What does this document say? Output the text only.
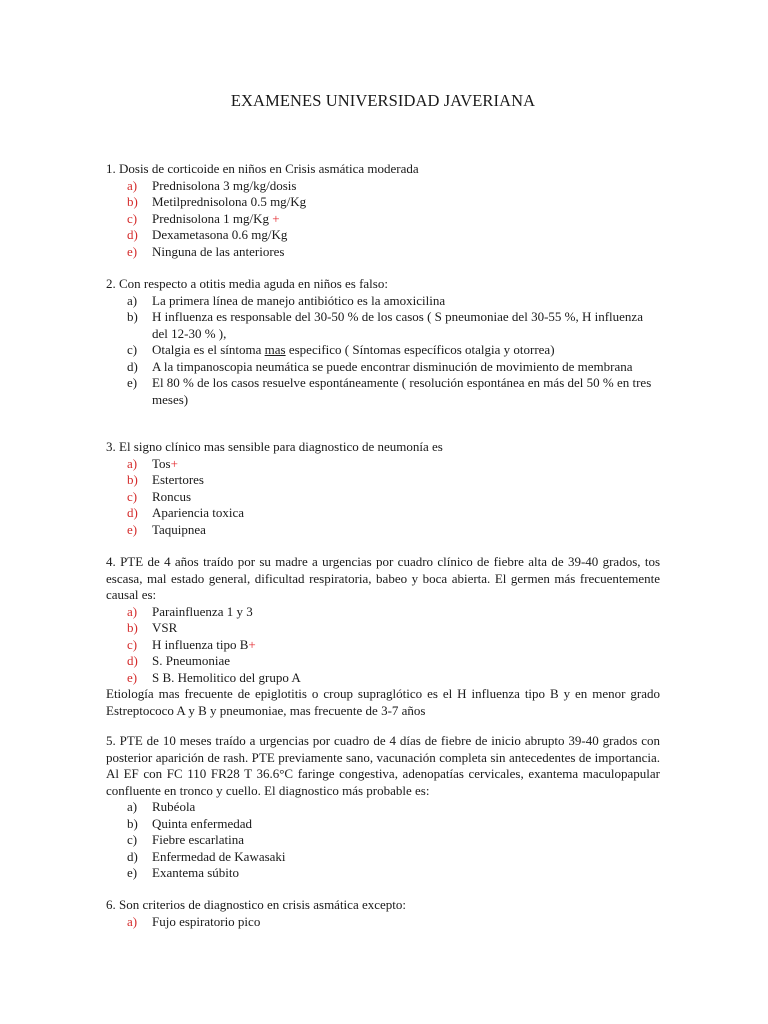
EXAMENES UNIVERSIDAD JAVERIANA
1. Dosis de corticoide en niños en Crisis asmática moderada
a) Prednisolona 3 mg/kg/dosis
b) Metilprednisolona 0.5 mg/Kg
c) Prednisolona 1 mg/Kg +
d) Dexametasona 0.6 mg/Kg
e) Ninguna de las anteriores
2. Con respecto a otitis media aguda en niños es falso:
a) La primera línea de manejo antibiótico es la amoxicilina
b) H influenza es responsable del 30-50 % de los casos ( S pneumoniae del 30-55 %, H influenza del 12-30 % ),
c) Otalgia es el síntoma mas especifico ( Síntomas específicos otalgia y otorrea)
d) A la timpanoscopia neumática se puede encontrar disminución de movimiento de membrana
e) El 80 % de los casos resuelve espontáneamente ( resolución espontánea en más del 50 % en tres meses)
3. El signo clínico mas sensible para diagnostico de neumonía es
a) Tos+
b) Estertores
c) Roncus
d) Apariencia toxica
e) Taquipnea
4. PTE de 4 años traído por su madre a urgencias por cuadro clínico de fiebre alta de 39-40 grados, tos escasa, mal estado general, dificultad respiratoria, babeo y boca abierta. El germen más frecuentemente causal es:
a) Parainfluenza 1 y 3
b) VSR
c) H influenza tipo B+
d) S. Pneumoniae
e) S B. Hemolitico del grupo A
Etiología mas frecuente de epiglotitis o croup supraglótico es el H influenza tipo B y en menor grado Estreptococo A y B y pneumoniae, mas frecuente de 3-7 años
5. PTE de 10 meses traído a urgencias por cuadro de 4 días de fiebre de inicio abrupto 39-40 grados con posterior aparición de rash. PTE previamente sano, vacunación completa sin antecedentes de importancia. Al EF con FC 110 FR28 T 36.6°C faringe congestiva, adenopatías cervicales, exantema maculopapular confluente en tronco y cuello. El diagnostico más probable es:
a) Rubéola
b) Quinta enfermedad
c) Fiebre escarlatina
d) Enfermedad de Kawasaki
e) Exantema súbito
6. Son criterios de diagnostico en crisis asmática excepto:
a) Fujo espiratorio pico
